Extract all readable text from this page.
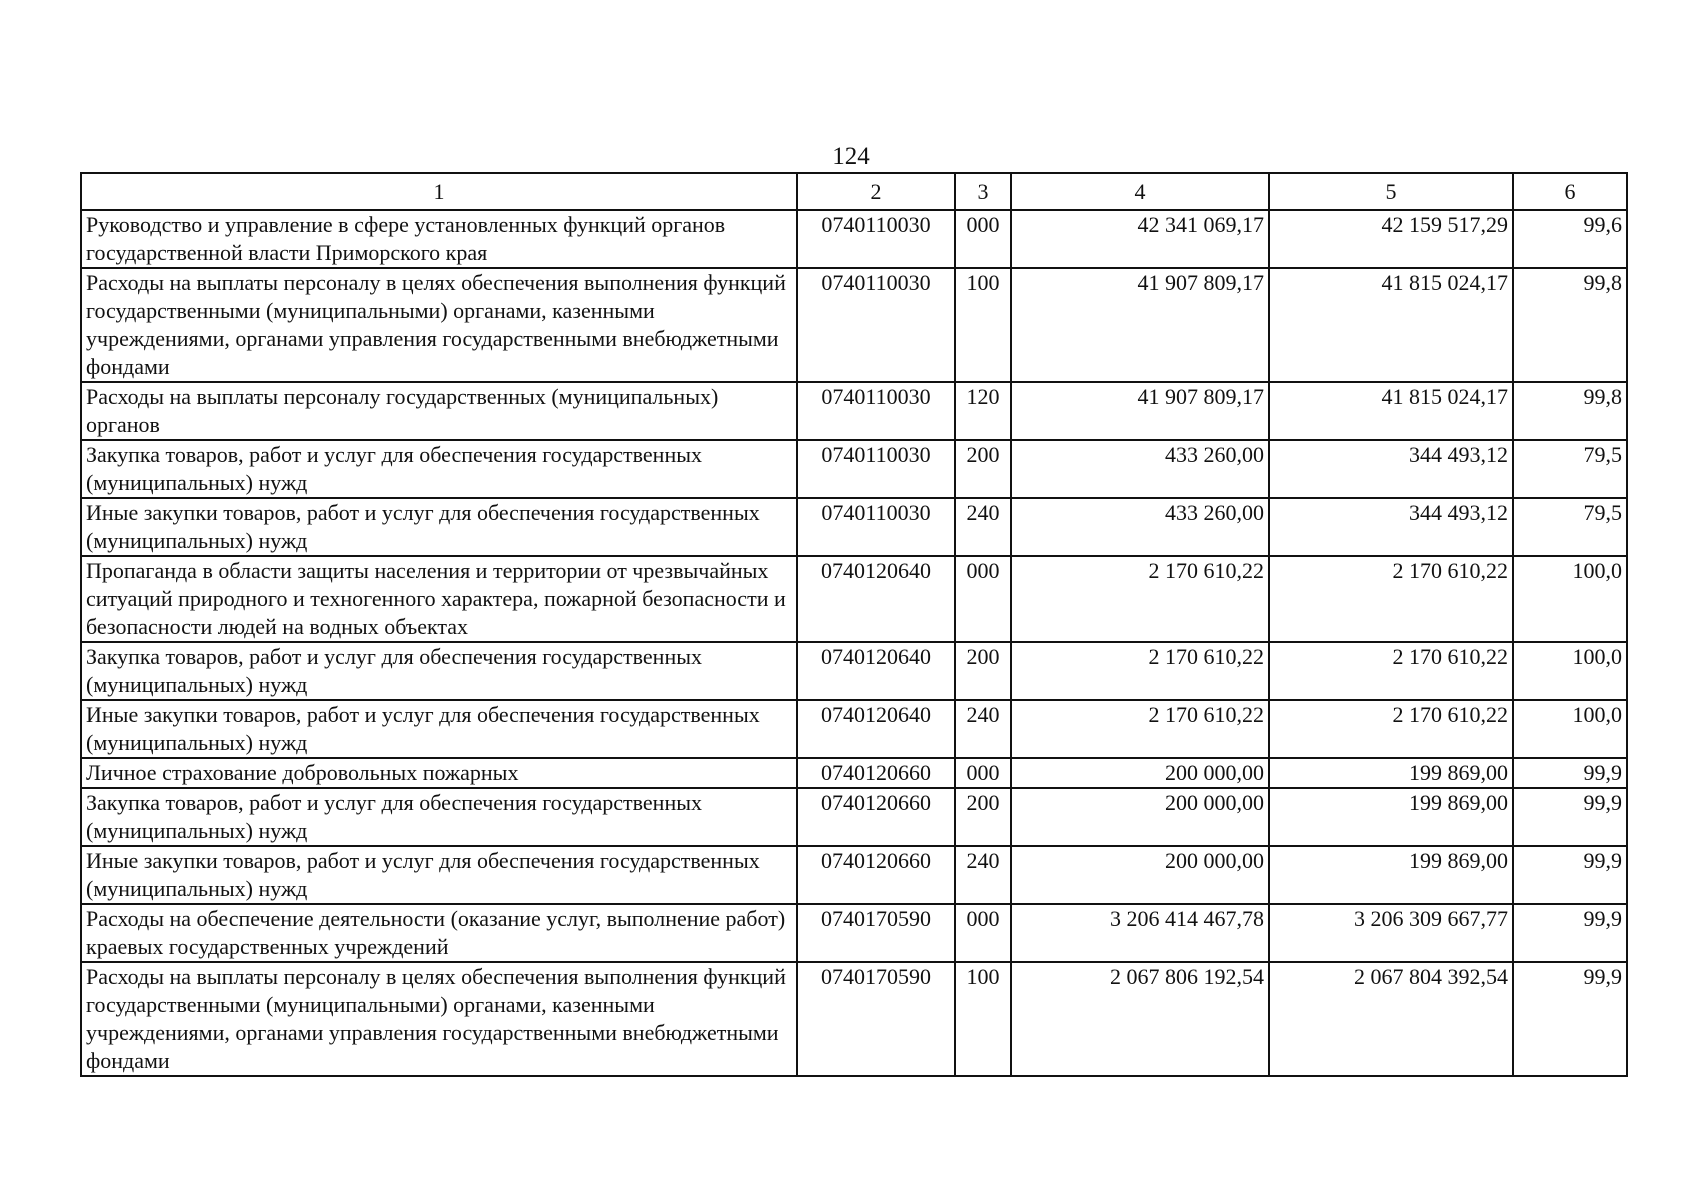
124
1	2	3	4	5	6
Руководство и управление в сфере установленных функций органов государственной власти Приморского края	0740110030	000	42 341 069,17	42 159 517,29	99,6
Расходы на выплаты персоналу в целях обеспечения выполнения функций государственными (муниципальными) органами, казенными учреждениями, органами управления государственными внебюджетными фондами	0740110030	100	41 907 809,17	41 815 024,17	99,8
Расходы на выплаты персоналу государственных (муниципальных) органов	0740110030	120	41 907 809,17	41 815 024,17	99,8
Закупка товаров, работ и услуг для обеспечения государственных (муниципальных) нужд	0740110030	200	433 260,00	344 493,12	79,5
Иные закупки товаров, работ и услуг для обеспечения государственных (муниципальных) нужд	0740110030	240	433 260,00	344 493,12	79,5
Пропаганда в области защиты населения и территории от чрезвычайных ситуаций природного и техногенного характера, пожарной безопасности и безопасности людей на водных объектах	0740120640	000	2 170 610,22	2 170 610,22	100,0
Закупка товаров, работ и услуг для обеспечения государственных (муниципальных) нужд	0740120640	200	2 170 610,22	2 170 610,22	100,0
Иные закупки товаров, работ и услуг для обеспечения государственных (муниципальных) нужд	0740120640	240	2 170 610,22	2 170 610,22	100,0
Личное страхование добровольных пожарных	0740120660	000	200 000,00	199 869,00	99,9
Закупка товаров, работ и услуг для обеспечения государственных (муниципальных) нужд	0740120660	200	200 000,00	199 869,00	99,9
Иные закупки товаров, работ и услуг для обеспечения государственных (муниципальных) нужд	0740120660	240	200 000,00	199 869,00	99,9
Расходы на обеспечение деятельности (оказание услуг, выполнение работ) краевых государственных учреждений	0740170590	000	3 206 414 467,78	3 206 309 667,77	99,9
Расходы на выплаты персоналу в целях обеспечения выполнения функций государственными (муниципальными) органами, казенными учреждениями, органами управления государственными внебюджетными фондами	0740170590	100	2 067 806 192,54	2 067 804 392,54	99,9
